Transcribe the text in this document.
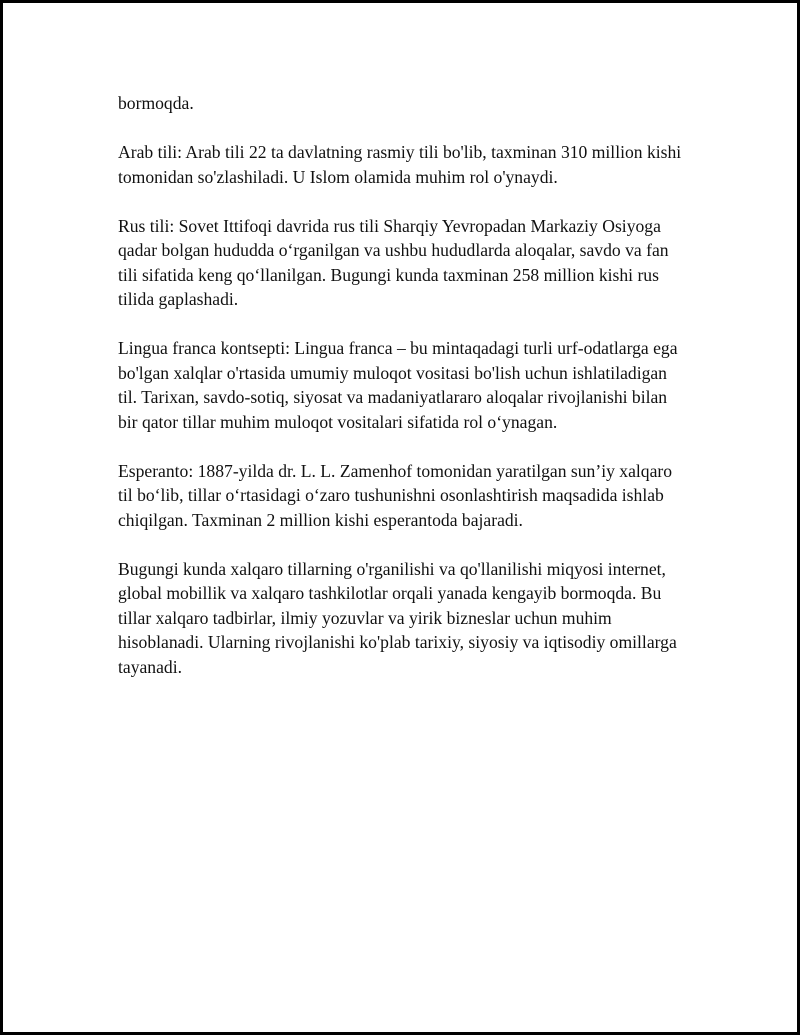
bormoqda.

Arab tili: Arab tili 22 ta davlatning rasmiy tili bo'lib, taxminan 310 million kishi tomonidan so'zlashiladi. U Islom olamida muhim rol o'ynaydi.

Rus tili: Sovet Ittifoqi davrida rus tili Sharqiy Yevropadan Markaziy Osiyoga qadar bolgan hududda o‘rganilgan va ushbu hududlarda aloqalar, savdo va fan tili sifatida keng qo‘llanilgan. Bugungi kunda taxminan 258 million kishi rus tilida gaplashadi.

Lingua franca kontsepti: Lingua franca – bu mintaqadagi turli urf-odatlarga ega bo'lgan xalqlar o'rtasida umumiy muloqot vositasi bo'lish uchun ishlatiladigan til. Tarixan, savdo-sotiq, siyosat va madaniyatlararo aloqalar rivojlanishi bilan bir qator tillar muhim muloqot vositalari sifatida rol o‘ynagan.

Esperanto: 1887-yilda dr. L. L. Zamenhof tomonidan yaratilgan sun’iy xalqaro til bo‘lib, tillar o‘rtasidagi o‘zaro tushunishni osonlashtirish maqsadida ishlab chiqilgan. Taxminan 2 million kishi esperantoda bajaradi.

Bugungi kunda xalqaro tillarning o'rganilishi va qo'llanilishi miqyosi internet, global mobillik va xalqaro tashkilotlar orqali yanada kengayib bormoqda. Bu tillar xalqaro tadbirlar, ilmiy yozuvlar va yirik bizneslar uchun muhim hisoblanadi. Ularning rivojlanishi ko'plab tarixiy, siyosiy va iqtisodiy omillarga tayanadi.
